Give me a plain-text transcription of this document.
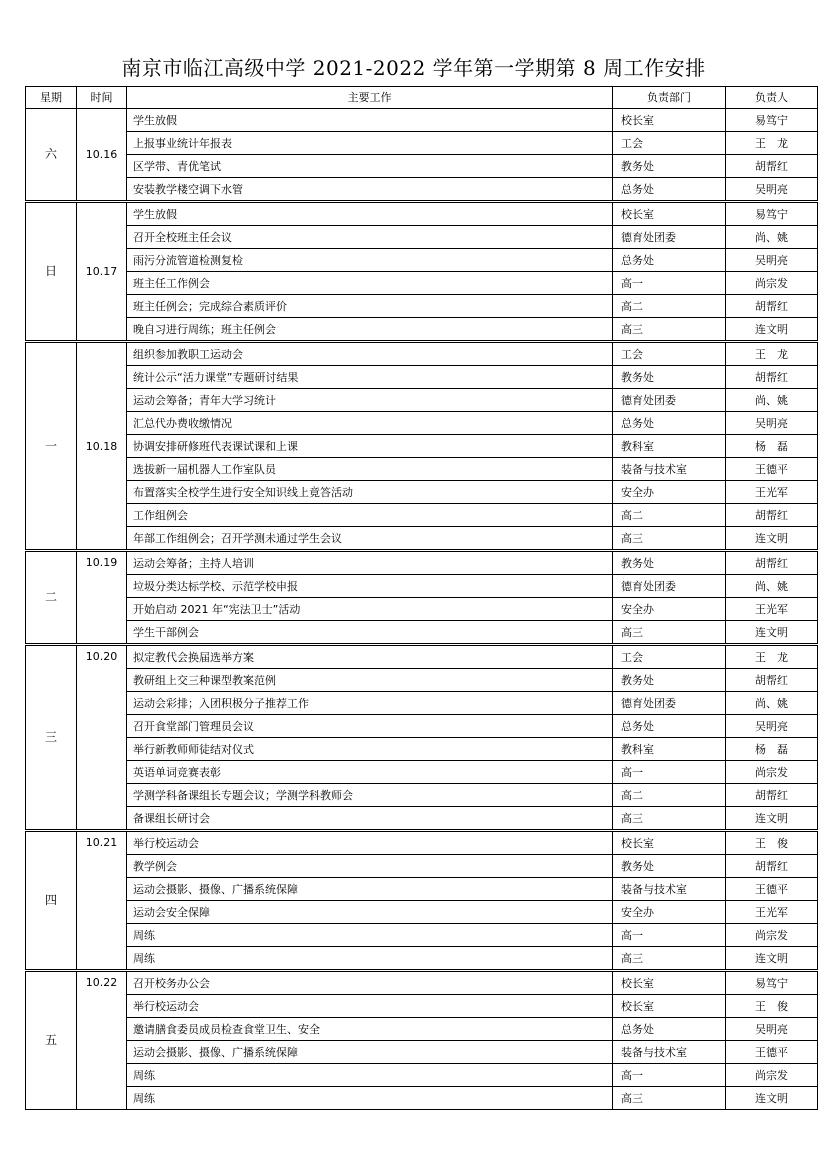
南京市临江高级中学 2021-2022 学年第一学期第 8 周工作安排
星期	时间	主要工作	负责部门	负责人
六	10.16	学生放假	校长室	易笃宁
		上报事业统计年报表	工会	王　龙
		区学带、青优笔试	教务处	胡帮红
		安装教学楼空调下水管	总务处	吴明亮
日	10.17	学生放假	校长室	易笃宁
		召开全校班主任会议	德育处团委	尚、姚
		雨污分流管道检测复检	总务处	吴明亮
		班主任工作例会	高一	尚宗发
		班主任例会；完成综合素质评价	高二	胡帮红
		晚自习进行周练；班主任例会	高三	连文明
一	10.18	组织参加教职工运动会	工会	王　龙
		统计公示“活力课堂”专题研讨结果	教务处	胡帮红
		运动会筹备；青年大学习统计	德育处团委	尚、姚
		汇总代办费收缴情况	总务处	吴明亮
		协调安排研修班代表课试课和上课	教科室	杨　磊
		选拔新一届机器人工作室队员	装备与技术室	王德平
		布置落实全校学生进行安全知识线上竟答活动	安全办	王光军
		工作组例会	高二	胡帮红
		年部工作组例会；召开学测未通过学生会议	高三	连文明
二	10.19	运动会筹备；主持人培训	教务处	胡帮红
		垃圾分类达标学校、示范学校申报	德育处团委	尚、姚
		开始启动 2021 年“宪法卫士”活动	安全办	王光军
		学生干部例会	高三	连文明
三	10.20	拟定教代会换届选举方案	工会	王　龙
		教研组上交三种课型教案范例	教务处	胡帮红
		运动会彩排；入团积极分子推荐工作	德育处团委	尚、姚
		召开食堂部门管理员会议	总务处	吴明亮
		举行新教师师徒结对仪式	教科室	杨　磊
		英语单词竞赛表彰	高一	尚宗发
		学测学科备课组长专题会议；学测学科教师会	高二	胡帮红
		备课组长研讨会	高三	连文明
四	10.21	举行校运动会	校长室	王　俊
		教学例会	教务处	胡帮红
		运动会摄影、摄像、广播系统保障	装备与技术室	王德平
		运动会安全保障	安全办	王光军
		周练	高一	尚宗发
		周练	高三	连文明
五	10.22	召开校务办公会	校长室	易笃宁
		举行校运动会	校长室	王　俊
		邀请膳食委员成员检查食堂卫生、安全	总务处	吴明亮
		运动会摄影、摄像、广播系统保障	装备与技术室	王德平
		周练	高一	尚宗发
		周练	高三	连文明
